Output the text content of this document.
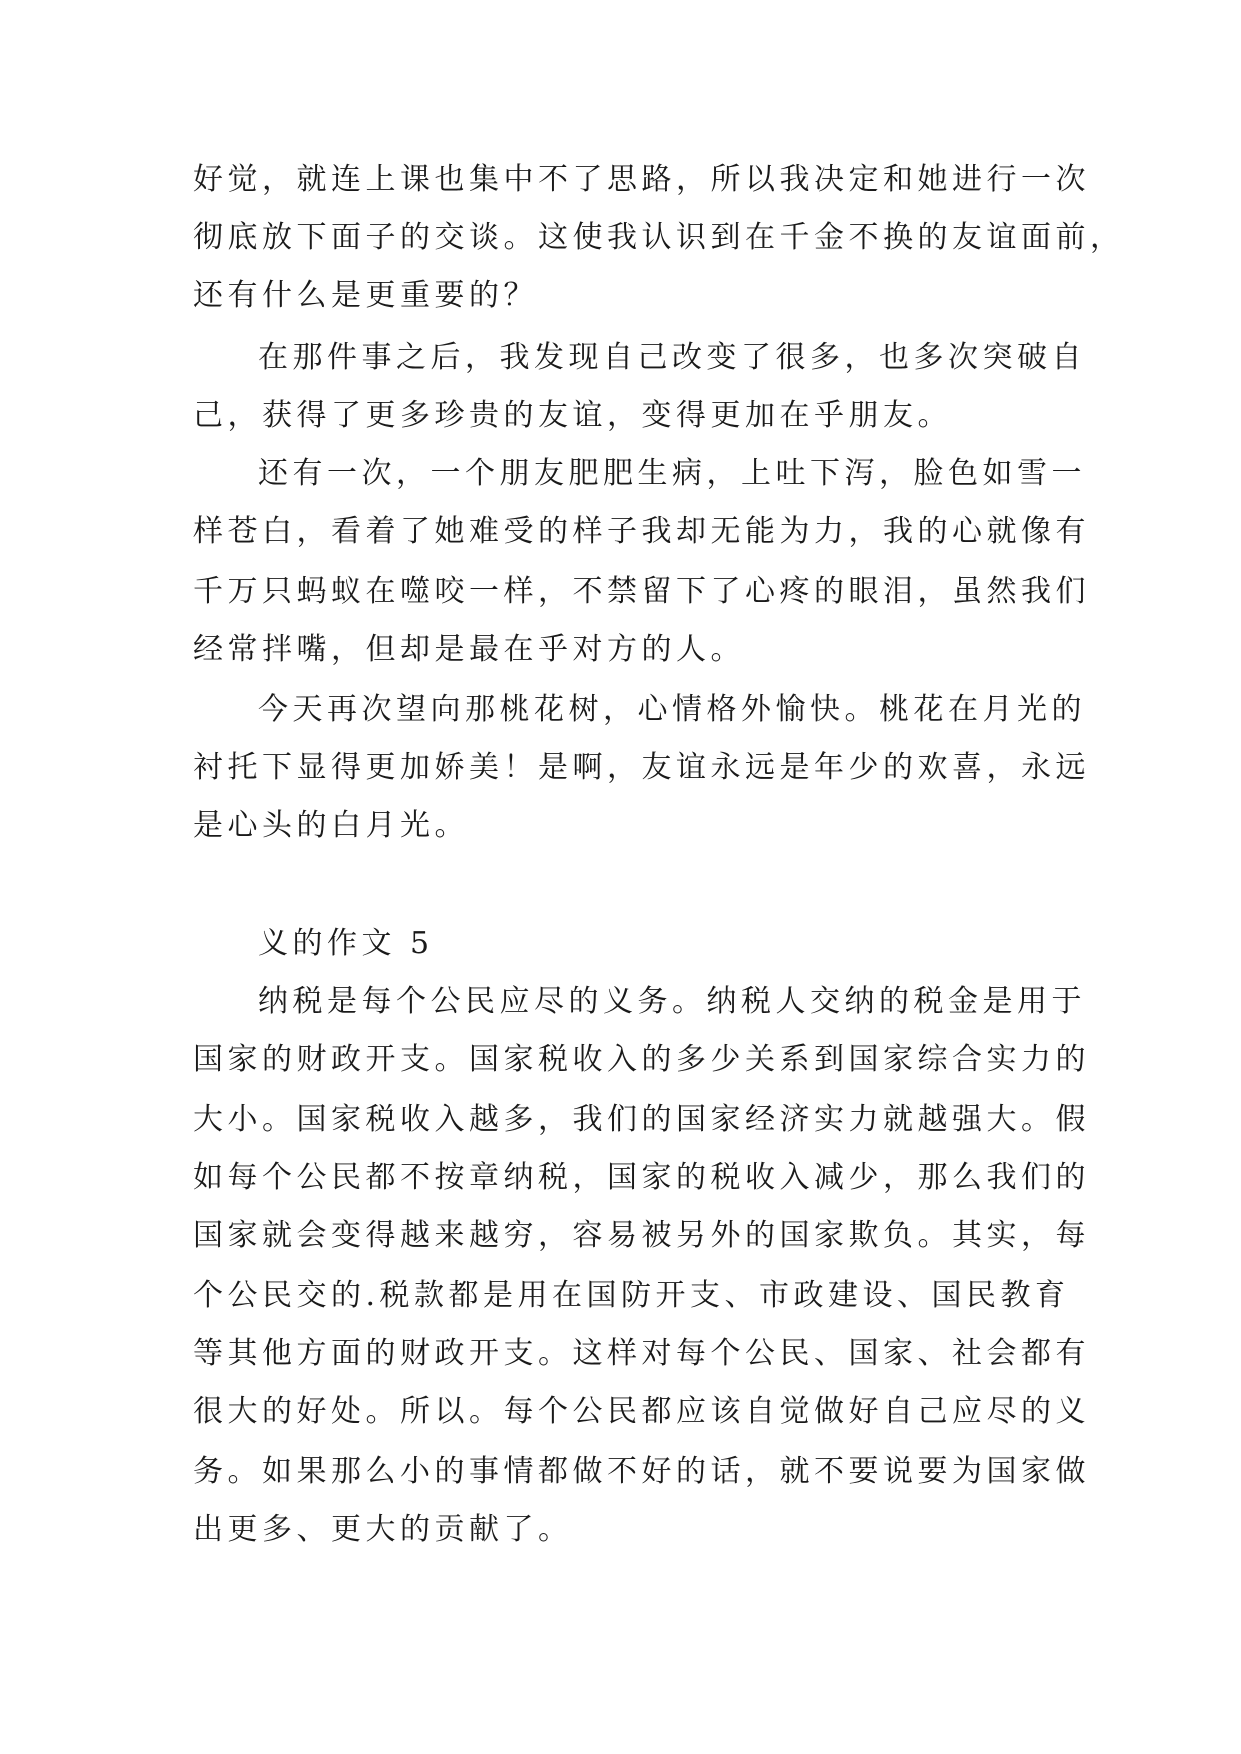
好觉，就连上课也集中不了思路，所以我决定和她进行一次
彻底放下面子的交谈。这使我认识到在千金不换的友谊面前，
还有什么是更重要的？
在那件事之后，我发现自己改变了很多，也多次突破自
己，获得了更多珍贵的友谊，变得更加在乎朋友。
还有一次，一个朋友肥肥生病，上吐下泻，脸色如雪一
样苍白，看着了她难受的样子我却无能为力，我的心就像有
千万只蚂蚁在噬咬一样，不禁留下了心疼的眼泪，虽然我们
经常拌嘴，但却是最在乎对方的人。
今天再次望向那桃花树，心情格外愉快。桃花在月光的
衬托下显得更加娇美！是啊，友谊永远是年少的欢喜，永远
是心头的白月光。
义的作文 5
纳税是每个公民应尽的义务。纳税人交纳的税金是用于
国家的财政开支。国家税收入的多少关系到国家综合实力的
大小。国家税收入越多，我们的国家经济实力就越强大。假
如每个公民都不按章纳税，国家的税收入减少，那么我们的
国家就会变得越来越穷，容易被另外的国家欺负。其实，每
个公民交的.税款都是用在国防开支、市政建设、国民教育
等其他方面的财政开支。这样对每个公民、国家、社会都有
很大的好处。所以。每个公民都应该自觉做好自己应尽的义
务。如果那么小的事情都做不好的话，就不要说要为国家做
出更多、更大的贡献了。
